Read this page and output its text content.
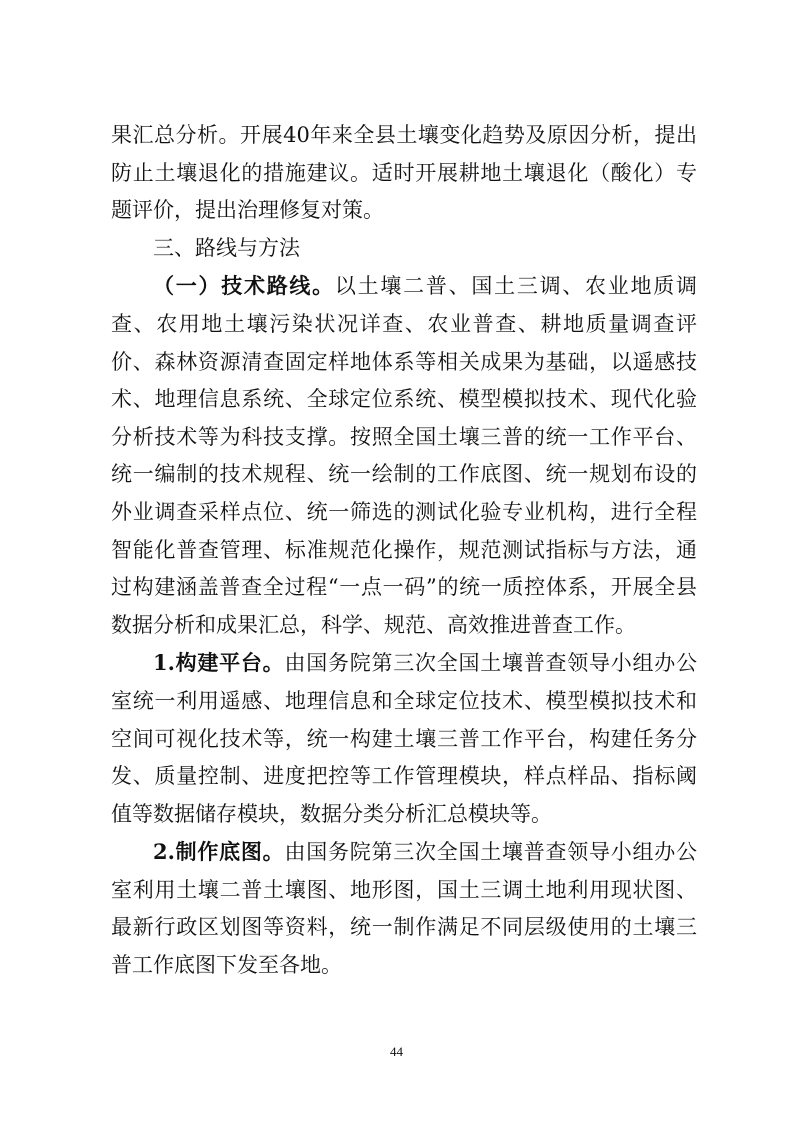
果汇总分析。开展40年来全县土壤变化趋势及原因分析，提出防止土壤退化的措施建议。适时开展耕地土壤退化（酸化）专题评价，提出治理修复对策。

三、路线与方法

（一）技术路线。以土壤二普、国土三调、农业地质调查、农用地土壤污染状况详查、农业普查、耕地质量调查评价、森林资源清查固定样地体系等相关成果为基础，以遥感技术、地理信息系统、全球定位系统、模型模拟技术、现代化验分析技术等为科技支撑。按照全国土壤三普的统一工作平台、统一编制的技术规程、统一绘制的工作底图、统一规划布设的外业调查采样点位、统一筛选的测试化验专业机构，进行全程智能化普查管理、标准规范化操作，规范测试指标与方法，通过构建涵盖普查全过程“一点一码”的统一质控体系，开展全县数据分析和成果汇总，科学、规范、高效推进普查工作。

1.构建平台。由国务院第三次全国土壤普查领导小组办公室统一利用遥感、地理信息和全球定位技术、模型模拟技术和空间可视化技术等，统一构建土壤三普工作平台，构建任务分发、质量控制、进度把控等工作管理模块，样点样品、指标阈值等数据储存模块，数据分类分析汇总模块等。

2.制作底图。由国务院第三次全国土壤普查领导小组办公室利用土壤二普土壤图、地形图，国土三调土地利用现状图、最新行政区划图等资料，统一制作满足不同层级使用的土壤三普工作底图下发至各地。

44
